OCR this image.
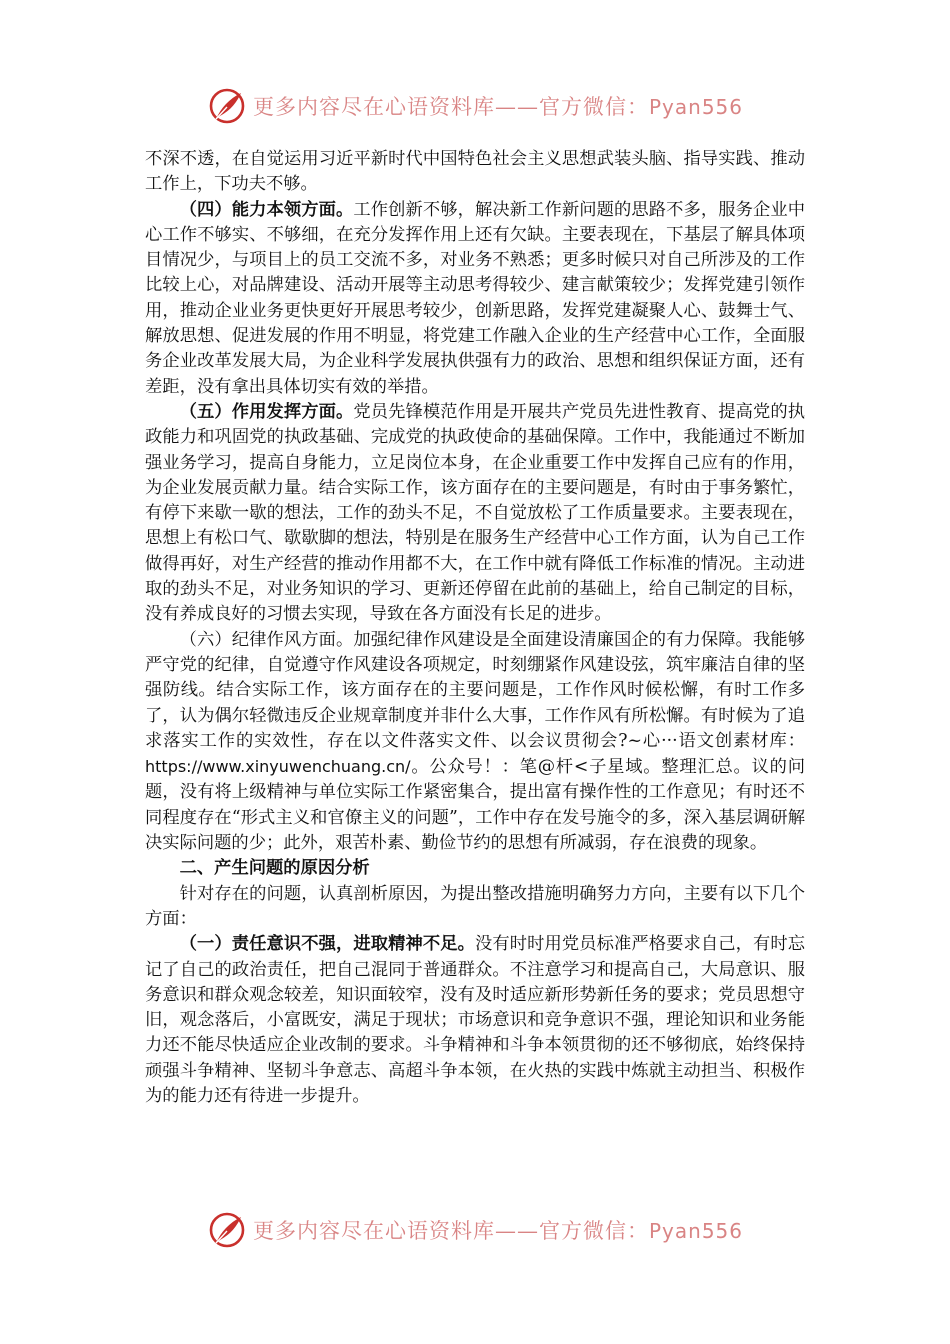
更多内容尽在心语资料库——官方微信：Pyan556

不深不透，在自觉运用习近平新时代中国特色社会主义思想武装头脑、指导实践、推动工作上，下功夫不够。

（四）能力本领方面。工作创新不够，解决新工作新问题的思路不多，服务企业中心工作不够实、不够细，在充分发挥作用上还有欠缺。主要表现在，下基层了解具体项目情况少，与项目上的员工交流不多，对业务不熟悉；更多时候只对自己所涉及的工作比较上心，对品牌建设、活动开展等主动思考得较少、建言献策较少；发挥党建引领作用，推动企业业务更快更好开展思考较少，创新思路，发挥党建凝聚人心、鼓舞士气、解放思想、促进发展的作用不明显，将党建工作融入企业的生产经营中心工作，全面服务企业改革发展大局，为企业科学发展执供强有力的政治、思想和组织保证方面，还有差距，没有拿出具体切实有效的举措。

（五）作用发挥方面。党员先锋模范作用是开展共产党员先进性教育、提高党的执政能力和巩固党的执政基础、完成党的执政使命的基础保障。工作中，我能通过不断加强业务学习，提高自身能力，立足岗位本身，在企业重要工作中发挥自己应有的作用，为企业发展贡献力量。结合实际工作，该方面存在的主要问题是，有时由于事务繁忙，有停下来歇一歇的想法，工作的劲头不足，不自觉放松了工作质量要求。主要表现在，思想上有松口气、歇歇脚的想法，特别是在服务生产经营中心工作方面，认为自己工作做得再好，对生产经营的推动作用都不大，在工作中就有降低工作标准的情况。主动进取的劲头不足，对业务知识的学习、更新还停留在此前的基础上，给自己制定的目标，没有养成良好的习惯去实现，导致在各方面没有长足的进步。

（六）纪律作风方面。加强纪律作风建设是全面建设清廉国企的有力保障。我能够严守党的纪律，自觉遵守作风建设各项规定，时刻绷紧作风建设弦，筑牢廉洁自律的坚强防线。结合实际工作，该方面存在的主要问题是，工作作风时候松懈，有时工作多了，认为偶尔轻微违反企业规章制度并非什么大事，工作作风有所松懈。有时候为了追求落实工作的实效性，存在以文件落实文件、以会议贯彻会?~心···语文创素材库：https://www.xinyuwenchuang.cn/。公众号！：笔@杆<子星域。整理汇总。议的问题，没有将上级精神与单位实际工作紧密集合，提出富有操作性的工作意见；有时还不同程度存在“形式主义和官僚主义的问题”，工作中存在发号施令的多，深入基层调研解决实际问题的少；此外，艰苦朴素、勤俭节约的思想有所减弱，存在浪费的现象。

二、产生问题的原因分析

针对存在的问题，认真剖析原因，为提出整改措施明确努力方向，主要有以下几个方面：

（一）责任意识不强，进取精神不足。没有时时用党员标准严格要求自己，有时忘记了自己的政治责任，把自己混同于普通群众。不注意学习和提高自己，大局意识、服务意识和群众观念较差，知识面较窄，没有及时适应新形势新任务的要求；党员思想守旧，观念落后，小富既安，满足于现状；市场意识和竞争意识不强，理论知识和业务能力还不能尽快适应企业改制的要求。斗争精神和斗争本领贯彻的还不够彻底，始终保持顽强斗争精神、坚韧斗争意志、高超斗争本领，在火热的实践中炼就主动担当、积极作为的能力还有待进一步提升。

更多内容尽在心语资料库——官方微信：Pyan556
